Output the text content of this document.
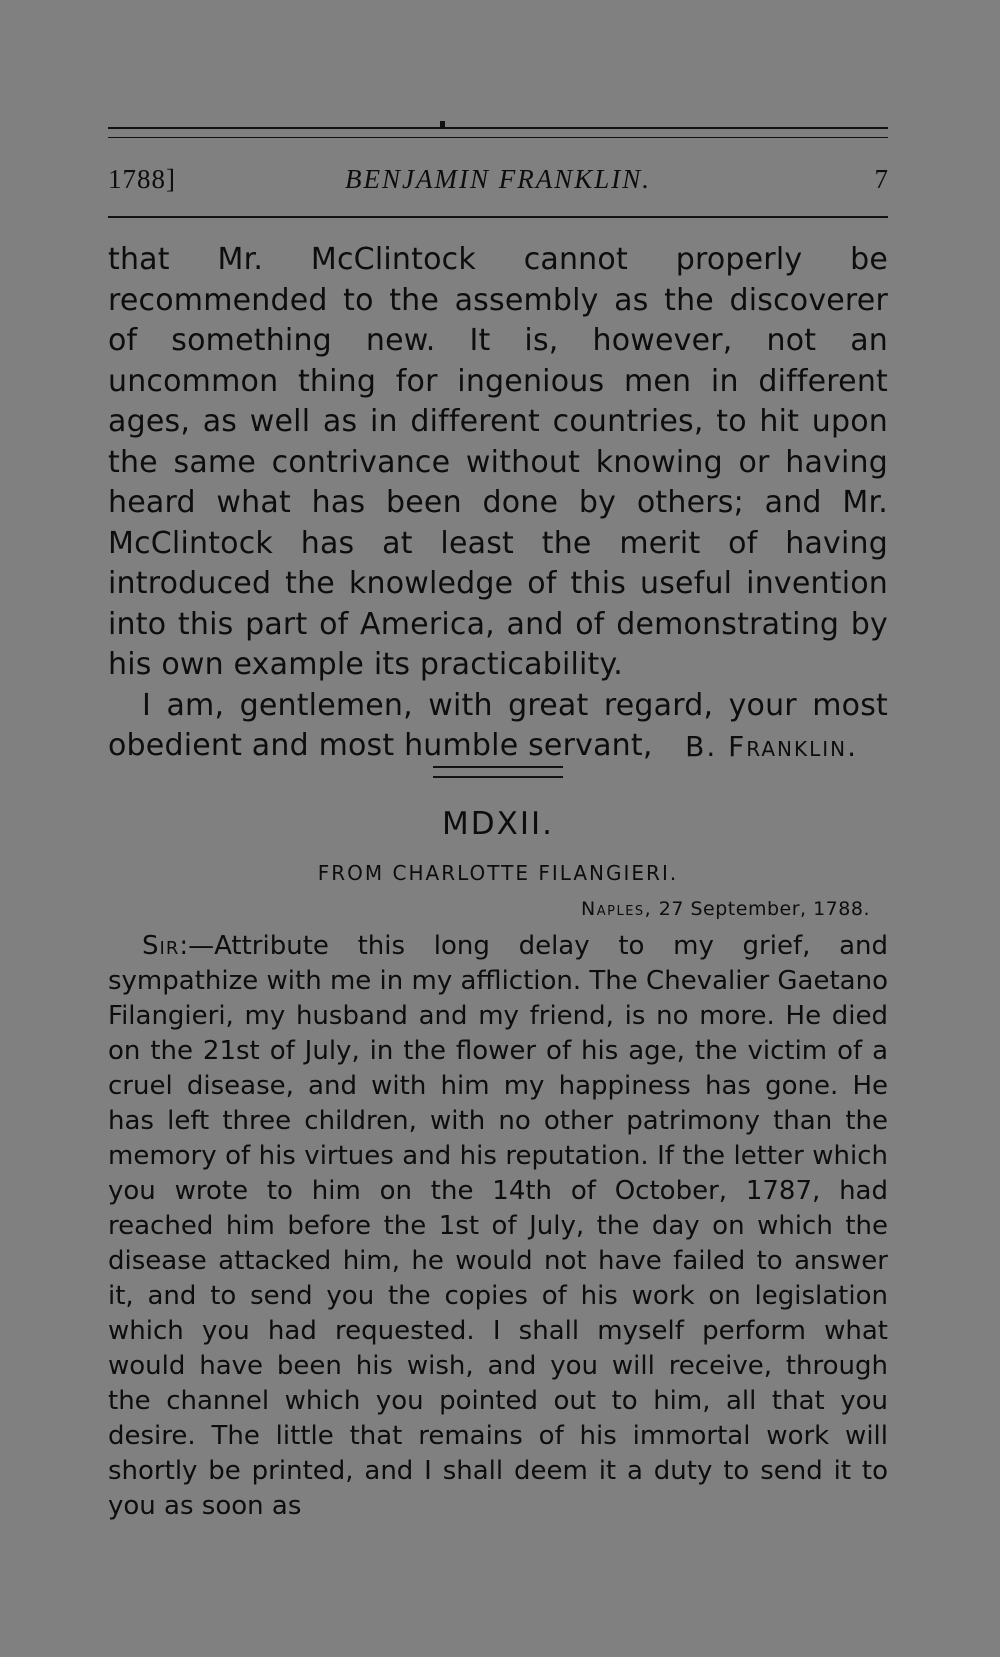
1788]	BENJAMIN FRANKLIN.	7

that Mr. McClintock cannot properly be recommended to the assembly as the discoverer of something new. It is, however, not an uncommon thing for ingenious men in different ages, as well as in different countries, to hit upon the same contrivance without knowing or having heard what has been done by others; and Mr. McClintock has at least the merit of having introduced the knowledge of this useful invention into this part of America, and of demonstrating by his own example its practicability.

I am, gentlemen, with great regard, your most obedient and most humble servant,	B. Franklin.
MDXII.
FROM CHARLOTTE FILANGIERI.
Naples, 27 September, 1788.

Sir:—Attribute this long delay to my grief, and sympathize with me in my affliction. The Chevalier Gaetano Filangieri, my husband and my friend, is no more. He died on the 21st of July, in the flower of his age, the victim of a cruel disease, and with him my happiness has gone. He has left three children, with no other patrimony than the memory of his virtues and his reputation. If the letter which you wrote to him on the 14th of October, 1787, had reached him before the 1st of July, the day on which the disease attacked him, he would not have failed to answer it, and to send you the copies of his work on legislation which you had requested. I shall myself perform what would have been his wish, and you will receive, through the channel which you pointed out to him, all that you desire. The little that remains of his immortal work will shortly be printed, and I shall deem it a duty to send it to you as soon as
